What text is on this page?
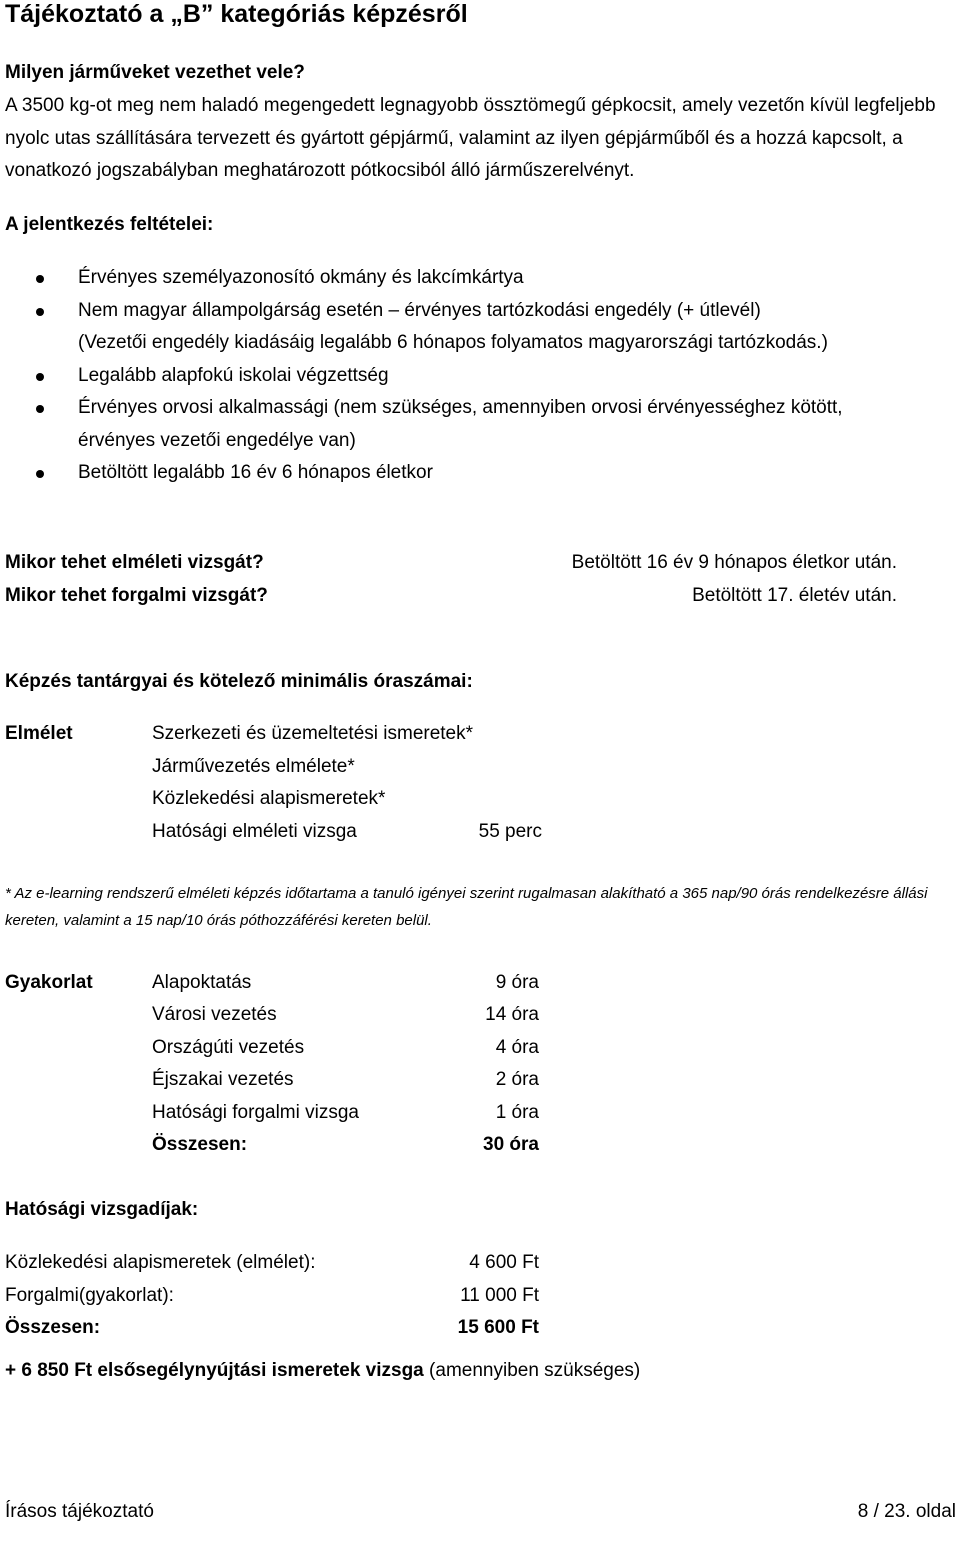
Tájékoztató a „B” kategóriás képzésről
Milyen járműveket vezethet vele?
A 3500 kg-ot meg nem haladó megengedett legnagyobb össztömegű gépkocsit, amely vezetőn kívül legfeljebb nyolc utas szállítására tervezett és gyártott gépjármű, valamint az ilyen gépjárműből és a hozzá kapcsolt, a vonatkozó jogszabályban meghatározott pótkocsiból álló járműszerelvényt.
A jelentkezés feltételei:
Érvényes személyazonosító okmány és lakcímkártya
Nem magyar állampolgárság esetén – érvényes tartózkodási engedély (+ útlevél)
(Vezetői engedély kiadásáig legalább 6 hónapos folyamatos magyarországi tartózkodás.)
Legalább alapfokú iskolai végzettség
Érvényes orvosi alkalmassági (nem szükséges, amennyiben orvosi érvényességhez kötött,
érvényes vezetői engedélye van)
Betöltött legalább 16 év 6 hónapos életkor
Mikor tehet elméleti vizsgát?	Betöltött 16 év 9 hónapos életkor után.
Mikor tehet forgalmi vizsgát?	Betöltött 17. életév után.
Képzés tantárgyai és kötelező minimális óraszámai:
Elmélet	Szerkezeti és üzemeltetési ismeretek*
Járművezetés elmélete*
Közlekedési alapismeretek*
Hatósági elméleti vizsga	55 perc
* Az e-learning rendszerű elméleti képzés időtartama a tanuló igényei szerint rugalmasan alakítható a 365 nap/90 órás rendelkezésre állási kereten, valamint a 15 nap/10 órás póthozzáférési kereten belül.
Gyakorlat	Alapoktatás	9 óra
Városi vezetés	14 óra
Országúti vezetés	4 óra
Éjszakai vezetés	2 óra
Hatósági forgalmi vizsga	1 óra
Összesen:	30 óra
Hatósági vizsgadíjak:
Közlekedési alapismeretek (elmélet):	4 600 Ft
Forgalmi(gyakorlat):	11 000 Ft
Összesen:	15 600 Ft
+ 6 850 Ft elsősegélynyújtási ismeretek vizsga (amennyiben szükséges)
Írásos tájékoztató	8 / 23. oldal
